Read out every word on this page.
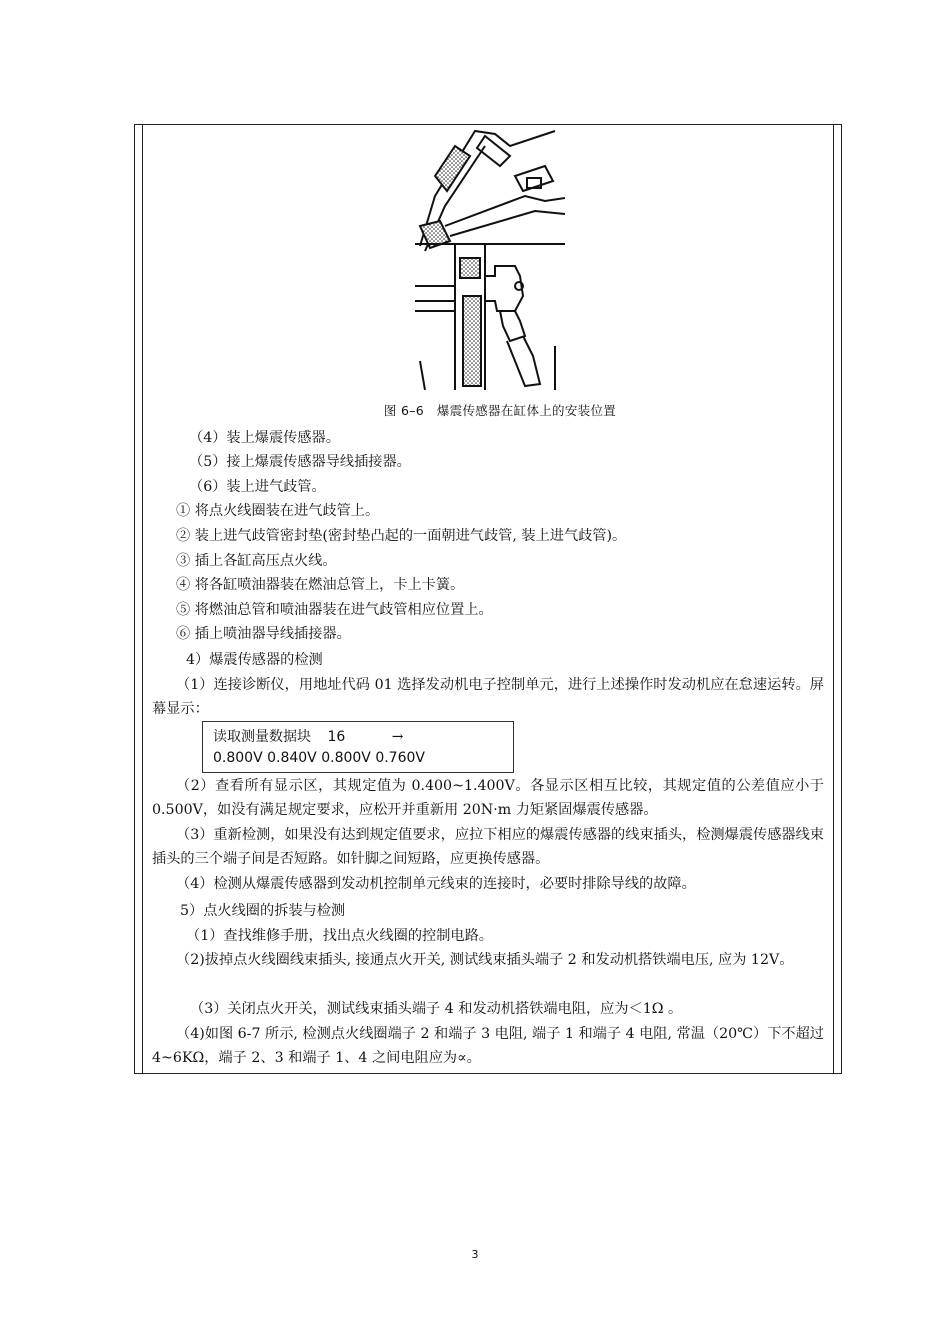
图 6–6　爆震传感器在缸体上的安装位置
（4）装上爆震传感器。
（5）接上爆震传感器导线插接器。
（6）装上进气歧管。
① 将点火线圈装在进气歧管上。
② 装上进气歧管密封垫(密封垫凸起的一面朝进气歧管, 装上进气歧管)。
③ 插上各缸高压点火线。
④ 将各缸喷油器装在燃油总管上，卡上卡簧。
⑤ 将燃油总管和喷油器装在进气歧管相应位置上。
⑥ 插上喷油器导线插接器。
4）爆震传感器的检测
（1）连接诊断仪，用地址代码 01 选择发动机电子控制单元，进行上述操作时发动机应在怠速运转。屏幕显示：
读取测量数据块 16	→
0.800V 0.840V 0.800V 0.760V
（2）查看所有显示区，其规定值为 0.400~1.400V。各显示区相互比较，其规定值的公差值应小于 0.500V，如没有满足规定要求，应松开并重新用 20N·m 力矩紧固爆震传感器。
（3）重新检测，如果没有达到规定值要求，应拉下相应的爆震传感器的线束插头，检测爆震传感器线束插头的三个端子间是否短路。如针脚之间短路，应更换传感器。
（4）检测从爆震传感器到发动机控制单元线束的连接时，必要时排除导线的故障。
5）点火线圈的拆装与检测
（1）查找维修手册，找出点火线圈的控制电路。
（2)拔掉点火线圈线束插头, 接通点火开关, 测试线束插头端子 2 和发动机搭铁端电压, 应为 12V。
（3）关闭点火开关，测试线束插头端子 4 和发动机搭铁端电阻，应为＜1Ω 。
（4)如图 6-7 所示, 检测点火线圈端子 2 和端子 3 电阻, 端子 1 和端子 4 电阻, 常温（20℃）下不超过 4~6KΩ，端子 2、3 和端子 1、4 之间电阻应为∝。
3
